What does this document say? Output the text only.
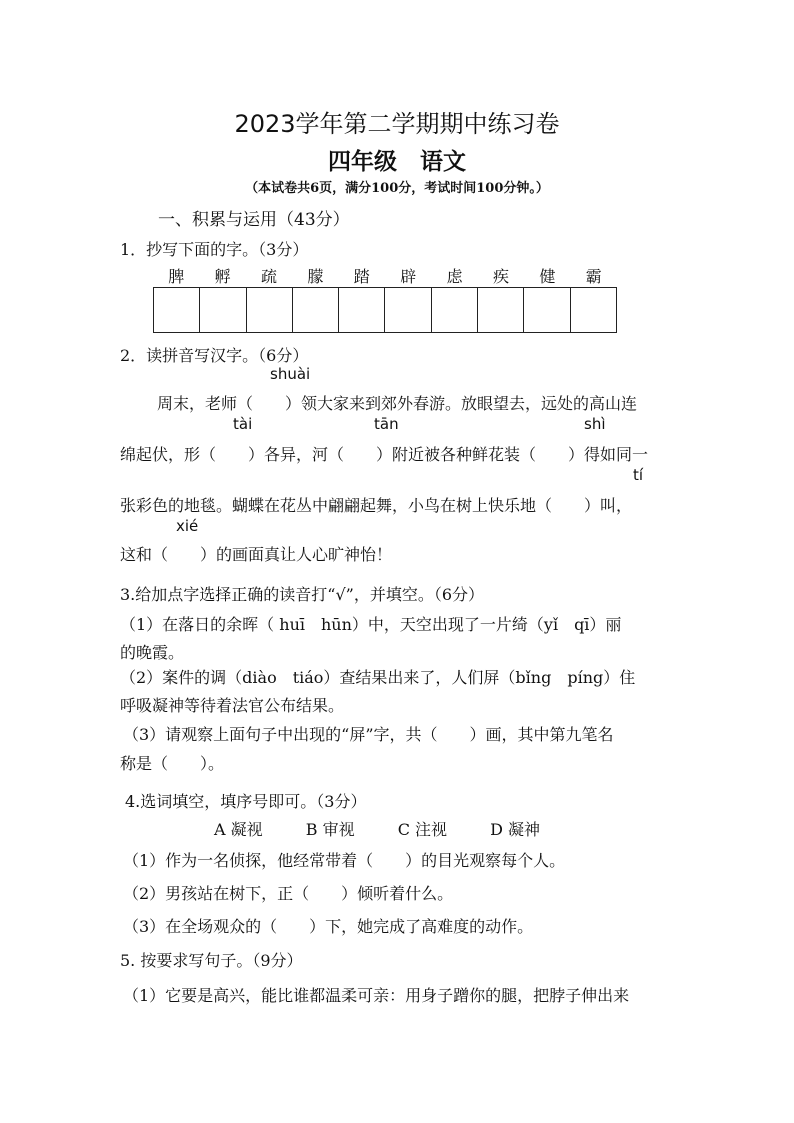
2023学年第二学期期中练习卷
四年级　语文
（本试卷共6页，满分100分，考试时间100分钟。）
一、积累与运用（43分）
1．抄写下面的字。（3分）
脾	孵	疏	朦	踏	辟	虑	疾	健	霸
2．读拼音写汉字。（6分）
shuài
周末，老师（　　）领大家来到郊外春游。放眼望去，远处的高山连
tài	tān	shì
绵起伏，形（　　）各异，河（　　）附近被各种鲜花装（　　）得如同一
tí
张彩色的地毯。蝴蝶在花丛中翩翩起舞，小鸟在树上快乐地（　　）叫，
xié
这和（　　）的画面真让人心旷神怡！
3.给加点字选择正确的读音打“√”，并填空。（6分）
（1）在落日的余晖（ huī　hūn）中，天空出现了一片绮（yǐ　qī）丽
的晚霞。
（2）案件的调（diào　tiáo）查结果出来了，人们屏（bǐng　píng）住
呼吸凝神等待着法官公布结果。
（3）请观察上面句子中出现的“屏”字，共（　　）画，其中第九笔名
称是（　　）。
4.选词填空，填序号即可。（3分）
A 凝视	B 审视	C 注视	D 凝神
（1）作为一名侦探，他经常带着（　　）的目光观察每个人。
（2）男孩站在树下，正（　　）倾听着什么。
（3）在全场观众的（　　）下，她完成了高难度的动作。
5. 按要求写句子。（9分）
（1）它要是高兴，能比谁都温柔可亲：用身子蹭你的腿，把脖子伸出来
